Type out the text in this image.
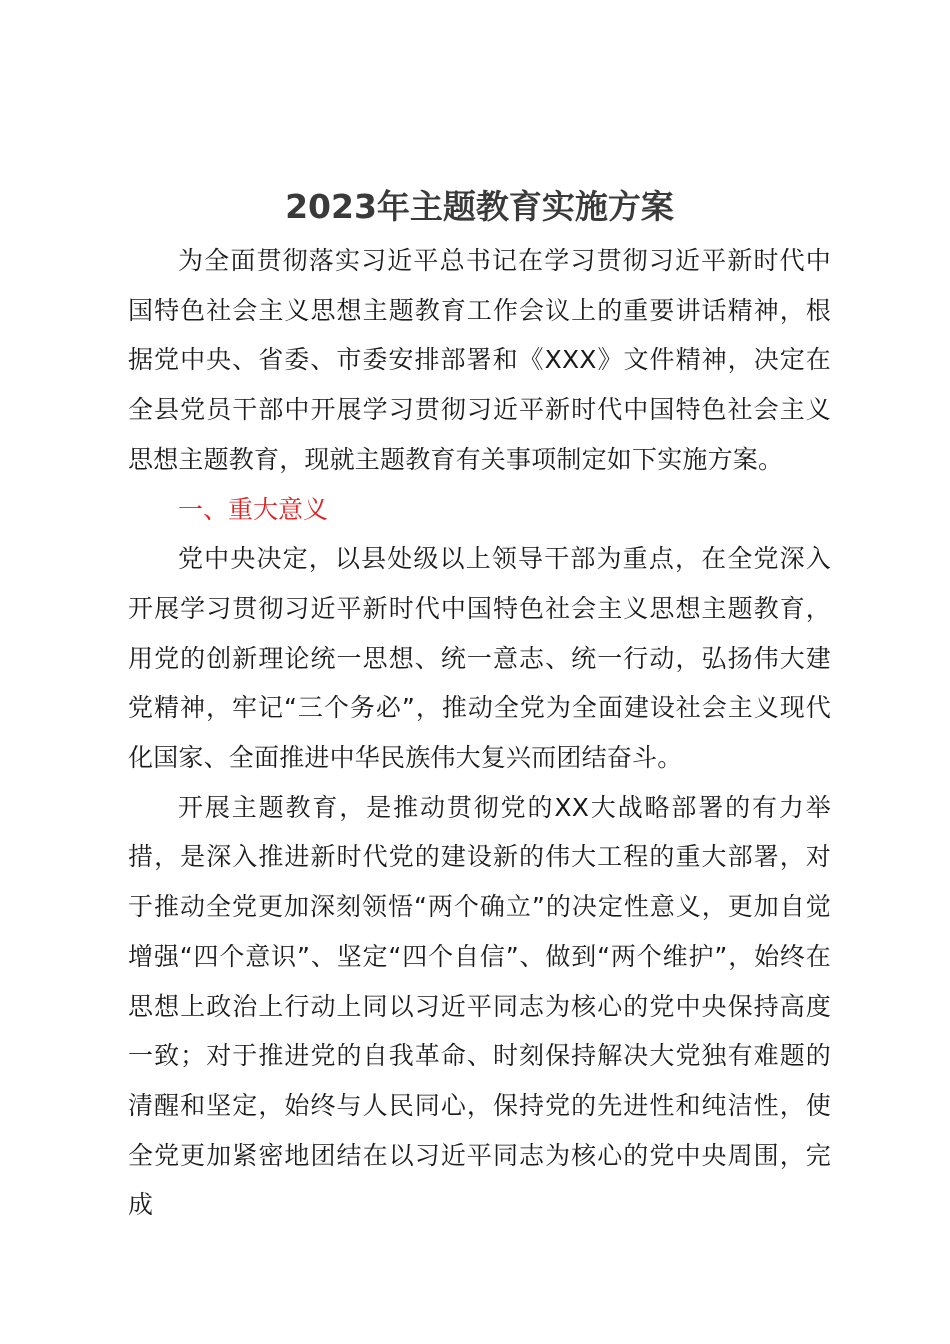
2023年主题教育实施方案

为全面贯彻落实习近平总书记在学习贯彻习近平新时代中国特色社会主义思想主题教育工作会议上的重要讲话精神，根据党中央、省委、市委安排部署和《XXX》文件精神，决定在全县党员干部中开展学习贯彻习近平新时代中国特色社会主义思想主题教育，现就主题教育有关事项制定如下实施方案。

一、重大意义

党中央决定，以县处级以上领导干部为重点，在全党深入开展学习贯彻习近平新时代中国特色社会主义思想主题教育，用党的创新理论统一思想、统一意志、统一行动，弘扬伟大建党精神，牢记“三个务必”，推动全党为全面建设社会主义现代化国家、全面推进中华民族伟大复兴而团结奋斗。

开展主题教育，是推动贯彻党的XX大战略部署的有力举措，是深入推进新时代党的建设新的伟大工程的重大部署，对于推动全党更加深刻领悟“两个确立”的决定性意义，更加自觉增强“四个意识”、坚定“四个自信”、做到“两个维护”，始终在思想上政治上行动上同以习近平同志为核心的党中央保持高度一致；对于推进党的自我革命、时刻保持解决大党独有难题的清醒和坚定，始终与人民同心，保持党的先进性和纯洁性，使全党更加紧密地团结在以习近平同志为核心的党中央周围，完成
